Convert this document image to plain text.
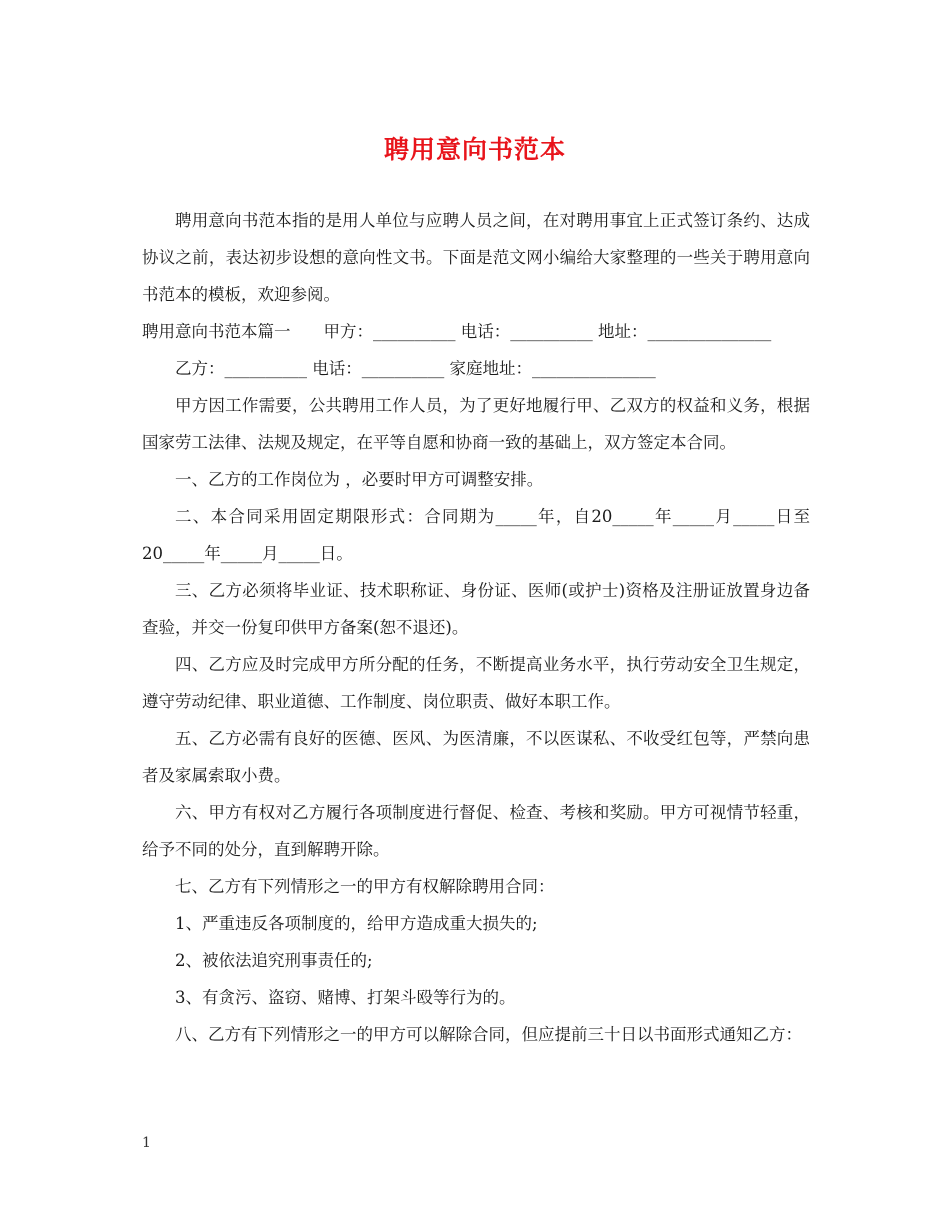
聘用意向书范本

聘用意向书范本指的是用人单位与应聘人员之间，在对聘用事宜上正式签订条约、达成协议之前，表达初步设想的意向性文书。下面是范文网小编给大家整理的一些关于聘用意向书范本的模板，欢迎参阅。

聘用意向书范本篇一　　甲方：__________ 电话：__________ 地址：_______________

乙方：__________ 电话：__________ 家庭地址：_______________

甲方因工作需要，公共聘用工作人员，为了更好地履行甲、乙双方的权益和义务，根据国家劳工法律、法规及规定，在平等自愿和协商一致的基础上，双方签定本合同。

一、乙方的工作岗位为 ，必要时甲方可调整安排。

二、本合同采用固定期限形式：合同期为_____年，自20_____年_____月_____日至20_____年_____月_____日。

三、乙方必须将毕业证、技术职称证、身份证、医师(或护士)资格及注册证放置身边备查验，并交一份复印供甲方备案(恕不退还)。

四、乙方应及时完成甲方所分配的任务，不断提高业务水平，执行劳动安全卫生规定，遵守劳动纪律、职业道德、工作制度、岗位职责、做好本职工作。

五、乙方必需有良好的医德、医风、为医清廉，不以医谋私、不收受红包等，严禁向患者及家属索取小费。

六、甲方有权对乙方履行各项制度进行督促、检查、考核和奖励。甲方可视情节轻重，给予不同的处分，直到解聘开除。

七、乙方有下列情形之一的甲方有权解除聘用合同：

1、严重违反各项制度的，给甲方造成重大损失的;

2、被依法追究刑事责任的;

3、有贪污、盗窃、赌博、打架斗殴等行为的。

八、乙方有下列情形之一的甲方可以解除合同，但应提前三十日以书面形式通知乙方：

1
